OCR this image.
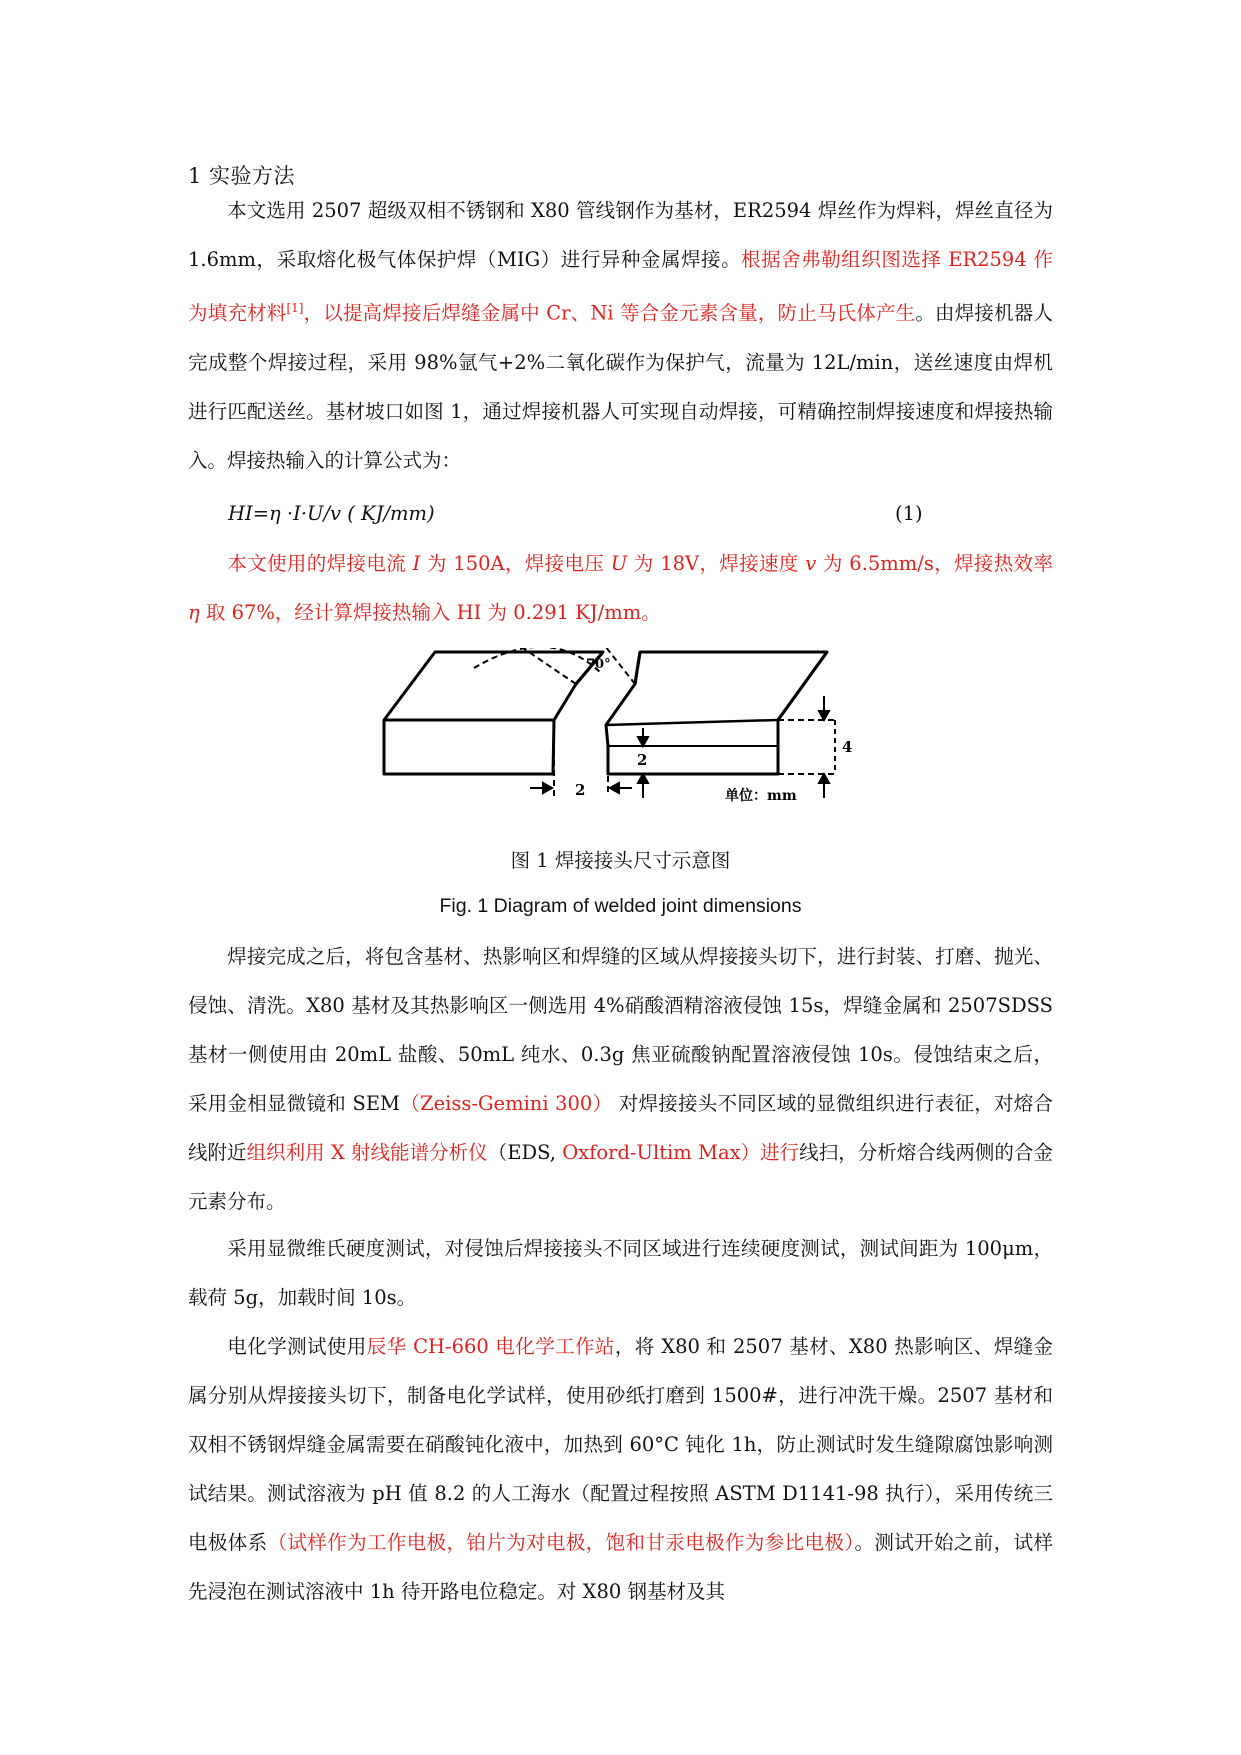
1 实验方法
本文选用 2507 超级双相不锈钢和 X80 管线钢作为基材，ER2594 焊丝作为焊料，焊丝直径为 1.6mm，采取熔化极气体保护焊（MIG）进行异种金属焊接。根据舍弗勒组织图选择 ER2594 作为填充材料[1]，以提高焊接后焊缝金属中 Cr、Ni 等合金元素含量，防止马氏体产生。由焊接机器人完成整个焊接过程，采用 98%氩气+2%二氧化碳作为保护气，流量为 12L/min，送丝速度由焊机进行匹配送丝。基材坡口如图 1，通过焊接机器人可实现自动焊接，可精确控制焊接速度和焊接热输入。焊接热输入的计算公式为：
HI=η ·I·U/v ( KJ/mm)	(1)
本文使用的焊接电流 I 为 150A，焊接电压 U 为 18V，焊接速度 v 为 6.5mm/s，焊接热效率 η 取 67%，经计算焊接热输入 HI 为 0.291 KJ/mm。
70°
2
2
4
单位：mm
图 1 焊接接头尺寸示意图
Fig. 1 Diagram of welded joint dimensions
焊接完成之后，将包含基材、热影响区和焊缝的区域从焊接接头切下，进行封装、打磨、抛光、侵蚀、清洗。X80 基材及其热影响区一侧选用 4%硝酸酒精溶液侵蚀 15s，焊缝金属和 2507SDSS 基材一侧使用由 20mL 盐酸、50mL 纯水、0.3g 焦亚硫酸钠配置溶液侵蚀 10s。侵蚀结束之后，采用金相显微镜和 SEM（Zeiss-Gemini 300） 对焊接接头不同区域的显微组织进行表征，对熔合线附近组织利用 X 射线能谱分析仪（EDS, Oxford-Ultim Max）进行线扫，分析熔合线两侧的合金元素分布。
采用显微维氏硬度测试，对侵蚀后焊接接头不同区域进行连续硬度测试，测试间距为 100μm，载荷 5g，加载时间 10s。
电化学测试使用辰华 CH-660 电化学工作站，将 X80 和 2507 基材、X80 热影响区、焊缝金属分别从焊接接头切下，制备电化学试样，使用砂纸打磨到 1500#，进行冲洗干燥。2507 基材和双相不锈钢焊缝金属需要在硝酸钝化液中，加热到 60°C 钝化 1h，防止测试时发生缝隙腐蚀影响测试结果。测试溶液为 pH 值 8.2 的人工海水（配置过程按照 ASTM D1141-98 执行），采用传统三电极体系（试样作为工作电极，铂片为对电极，饱和甘汞电极作为参比电极）。测试开始之前，试样先浸泡在测试溶液中 1h 待开路电位稳定。对 X80 钢基材及其
